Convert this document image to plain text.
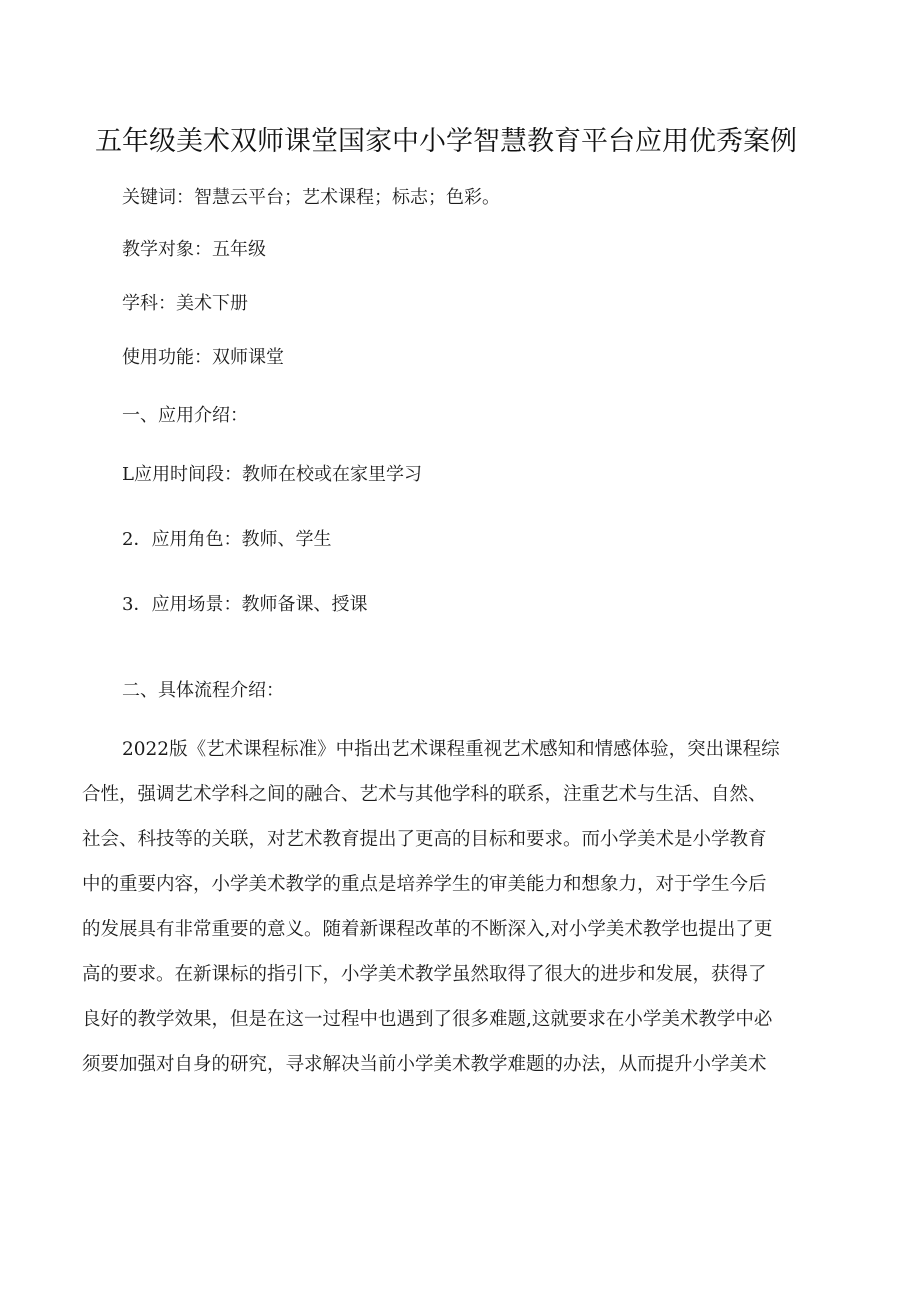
五年级美术双师课堂国家中小学智慧教育平台应用优秀案例
关键词：智慧云平台；艺术课程；标志；色彩。
教学对象：五年级
学科：美术下册
使用功能：双师课堂
一、应用介绍：
L应用时间段：教师在校或在家里学习
2．应用角色：教师、学生
3．应用场景：教师备课、授课
二、具体流程介绍：
2022版《艺术课程标准》中指出艺术课程重视艺术感知和情感体验，突出课程综
合性，强调艺术学科之间的融合、艺术与其他学科的联系，注重艺术与生活、自然、
社会、科技等的关联，对艺术教育提出了更高的目标和要求。而小学美术是小学教育
中的重要内容，小学美术教学的重点是培养学生的审美能力和想象力，对于学生今后
的发展具有非常重要的意义。随着新课程改革的不断深入,对小学美术教学也提出了更
高的要求。在新课标的指引下，小学美术教学虽然取得了很大的进步和发展，获得了
良好的教学效果，但是在这一过程中也遇到了很多难题,这就要求在小学美术教学中必
须要加强对自身的研究，寻求解决当前小学美术教学难题的办法，从而提升小学美术
